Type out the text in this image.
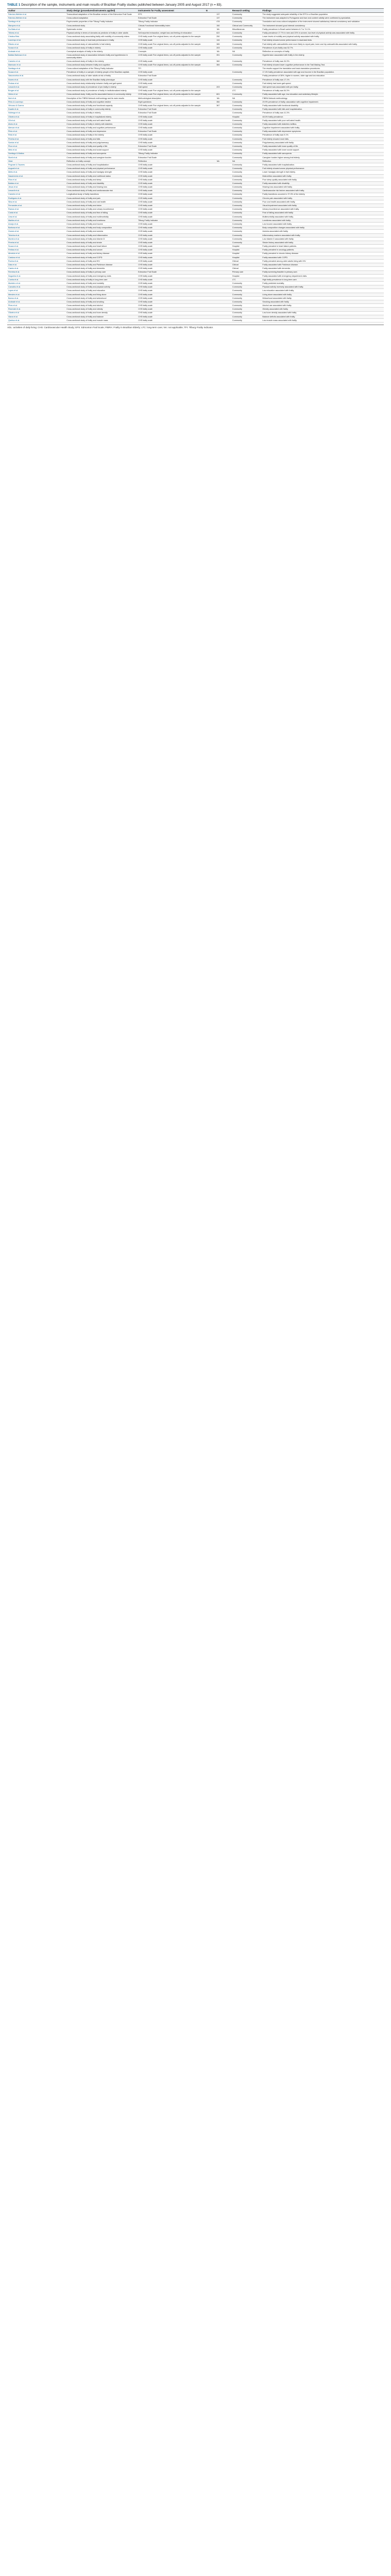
TABLE 1 Description of the sample, instruments and main results of Brazilian Frailty studies published between January 2005 and August 2017 (n = 83).

Author	Study design (procedures/instruments applied)	Instruments for Frailty assessment	N	Research setting	Findings
Fabrício-Wehbe et al.	Transcultural adaptation of the Brazilian version of the Edmonton Frail Scale	EFS	137	Community	The study suggested adequate reliability of the EFS in a Brazilian population.
Fabrício-Wehbe et al.	Cross-cultural adaptation	Edmonton Frail Scale	137	Community	The instrument was adapted to Portuguese and face and content validity were confirmed by specialists.
Santiago et al.	Psychometric properties of the Tilburg Frailty Indicator	Tilburg Frailty Indicator	478	Community	Translation and cross-cultural adaptation of the instrument showed satisfactory internal consistency and validation.
Marques et al.	Cross-sectional study	Clinical-Functional Vulnerability Index	150	Clinical and Community	The instrument showed good internal consistency.
Da Mata et al.	Systematic review	NA	NA	Miscellaneous	Frailty prevalence in Brazil varied between 6.7 to 74.1%.
Tribess et al.	Physical activity in terms of domains as predictor of frailty in older adults	Self-reported exhaustion, weight loss and feeling of exhaustion	622	Community	Frailty prevalence 17.7% in men and 20% in women; low level of physical activity was associated with frailty.
Cristina Reis	Cross-sectional study associating frailty with mobility of community elders	CHS frailty scale Five original items; cut-off points adjusted to the sample	250	Community	Lower levels of mobility and physical activity associated with frailty.
Lourenço et al.	Cross-sectional study of dual task performance in frailty	CHS frailty scale	144	Community	Frail elderly showed worse performance in dual-task tests.
Ribeiro et al.	Cross-sectional study of osteoarthritis in frail elderly	CHS frailty scale Five original items; cut-off points adjusted to the sample	385	Community	Frail elderly with osteoarthritis were more likely to report pain; knee and hip osteoarthritis associated with frailty.
Sousa et al.	Cross-sectional study of frailty in elderly	CHS frailty scale	203	Community	Prevalence of pre-frailty was 52.7%.
Andrade et al.	Conceptual analysis of frailty in the elderly	Concepts	NA	NA	Reflection on concepts of frailty.
Batista Barbosa et al.	Cross-sectional study of association between frailty and hypertension in community elders	CHS frailty scale Five original items; cut-off points adjusted to the sample	391	Community	Hypertension associated with frailty in the elderly.
Carneiro et al.	Cross-sectional study of frailty in the elderly	CHS frailty scale	360	Community	Prevalence of frailty was 34.3%.
Mamcarz et al.	Cross-sectional study between frailty and cognition	CHS frailty scale Five original items; cut-off points adjusted to the sample	384	Community	Frail elderly showed lower cognitive performance in the Trail Making Test.
Santiago et al.	Cross-cultural adaptation of the Tilburg Frailty Indicator	TFI			The results support the translation and back-translation procedures.
Sousa et al.	Prevalence of frailty in a sample of elderly people of the Brazilian capitals	CHS frailty scale		Community	17.4% frailty prevalence associated with age and income in the Brazilian population.
Vasconcelos et al.	Cross-sectional study of older adults at risk of frailty	Edmonton Frail Scale			Frailty prevalence of 38%; higher in women, older age and low education.
Nunes et al.	Cross-sectional study with the Brazilian frailty phenotype	CHS frailty scale		Community	Prevalence of frailty was 17.1%.
Pedras et al.	Cross-sectional study relationship between frailty and gait speed	CHS frailty scale		Community	Frail elderly had lower gait speed.
Lenardt et al.	Cross-sectional study of prevalence of pre-frailty in elderly	Gait speed	203	Community	Gait speed was associated with pre-frailty.
Borges et al.	Cross-sectional study of prevalence of frailty in institutionalized elderly	CHS frailty scale Five original items; cut-off points adjusted to the sample		LTC	Prevalence of frailty was 54.3%.
Vieira et al.	Cross-sectional study: frailty and its associated factors in community elderly	CHS frailty scale Five original items; cut-off points adjusted to the sample	601	Community	Frailty associated with age, low education and sedentary lifestyle.
Neri et al.	Description of the FIBRA Network methodology and its main results	Methodological description	NA	NA	FIBRA Network methodology.
Pinto & Lourenço	Cross-sectional study of frailty and cognitive decline	Eight questions	350	Community	29.9% prevalence of frailty; association with cognitive impairment.
Virtuoso & Guerra	Cross-sectional study of frailty and functional capacity	CHS frailty scale Five original items; cut-off points adjusted to the sample	367	Community	Frailty associated with functional disability.
Duarte et al.	Cross-sectional study of frailty in community elderly	Edmonton Frail Scale		Community	Frailty associated with falls and hospitalization.
Nóbrega et al.	Cross-sectional study of frailty in elderly	Edmonton Frail Scale		Community	Prevalence of frailty was 41.3%.
Oliveira et al.	Cross-sectional study of frailty in hospitalized elderly	CHS frailty scale		Hospital	48.0% frailty prevalence.
Gil et al.	Cross-sectional study of frailty and self-rated health	CHS frailty scale		Community	Frailty associated with poor self-rated health.
Alves et al.	Cross-sectional study of frailty in elderly with diabetes	CHS frailty scale		Community	Frailty associated with diabetes mellitus.
Alencar et al.	Cross-sectional study of frailty and cognitive performance	CHS frailty scale		Community	Cognitive impairment associated with frailty.
Pinto et al.	Cross-sectional study of frailty and depression	Edmonton Frail Scale		Community	Frailty associated with depressive symptoms.
Reis et al.	Cross-sectional study of frailty in the elderly	CHS frailty scale		Community	Prevalence of frailty was 9.1%.
Pereira et al.	Cross-sectional study of frailty and falls	CHS frailty scale		Community	Frail elderly showed more falls.
Santos et al.	Cross-sectional study of frailty and polypharmacy	CHS frailty scale		Community	Polypharmacy associated with frailty.
Fhon et al.	Cross-sectional study of frailty and quality of life	Edmonton Frail Scale		Community	Frailty associated with lower quality of life.
Melo et al.	Cross-sectional study of frailty and social support	CHS frailty scale		Community	Frailty associated with lower social support.
Santiago & Mattos	Cross-sectional study of frailty and sarcopenia	Tilburg Frailty Indicator		Community	Frailty associated with sarcopenia.
Storti et al.	Cross-sectional study of frailty and caregiver burden	Edmonton Frail Scale		Community	Caregiver burden higher among frail elderly.
Vidal	Reflection on frailty concept	Reflection	NA	NA	Reflection.
Pegorari & Tavares	Cross-sectional study of frailty and hospitalization	CHS frailty scale		Community	Frailty associated with hospitalization.
Augusti et al.	Cross-sectional study of frailty and physical performance	CHS frailty scale		Community	Frail elderly showed worse physical performance.
Mello et al.	Cross-sectional study of frailty and handgrip strength	CHS frailty scale		Community	Lower handgrip strength in frail elderly.
Nascimento et al.	Cross-sectional study of frailty and nutritional status	CHS frailty scale		Community	Malnutrition associated with frailty.
Rios et al.	Cross-sectional study of frailty and sleep	CHS frailty scale		Community	Poor sleep quality associated with frailty.
Batista et al.	Cross-sectional study of frailty and disability	CHS frailty scale		Community	Frailty associated with disability.
Jesus et al.	Cross-sectional study of frailty and hearing loss	CHS frailty scale		Community	Hearing loss associated with frailty.
Lenardt et al.	Cross-sectional study of frailty and cardiovascular risk	CHS frailty scale		Community	Cardiovascular risk factors associated with frailty.
Carneiro et al.	Longitudinal study of frailty transitions	CHS frailty scale		Community	Frailty transitions occurred in 37.0% of the elderly.
Rodrigues et al.	Cross-sectional study of frailty and pain	CHS frailty scale		Community	Chronic pain associated with frailty.
Silva et al.	Cross-sectional study of frailty and oral health	CHS frailty scale		Community	Poor oral health associated with frailty.
Fernandes et al.	Cross-sectional study of frailty and vision	CHS frailty scale		Community	Visual impairment associated with frailty.
Ramos et al.	Cross-sectional study of frailty and urinary incontinence	CHS frailty scale		Community	Urinary incontinence associated with frailty.
Costa et al.	Cross-sectional study of frailty and fear of falling	CHS frailty scale		Community	Fear of falling associated with frailty.
Lima et al.	Cross-sectional study of frailty and multimorbidity	CHS frailty scale		Community	Multimorbidity associated with frailty.
Martins et al.	Cross-sectional study of frailty and loneliness	Tilburg Frailty Indicator		Community	Loneliness associated with frailty.
Araújo et al.	Cross-sectional study of frailty and income	CHS frailty scale		Community	Low income associated with frailty.
Barbosa et al.	Cross-sectional study of frailty and body composition	CHS frailty scale		Community	Body composition changes associated with frailty.
Gomes et al.	Cross-sectional study of frailty and anemia	CHS frailty scale		Community	Anemia associated with frailty.
Teixeira et al.	Cross-sectional study of frailty and inflammation	CHS frailty scale		Community	Inflammatory markers associated with frailty.
Moreira et al.	Cross-sectional study of frailty and vitamin D	CHS frailty scale		Community	Low vitamin D associated with frailty.
Pereira et al.	Cross-sectional study of frailty and stroke	CHS frailty scale		Community	Stroke history associated with frailty.
Souza et al.	Cross-sectional study of frailty and heart failure	CHS frailty scale		Hospital	Frailty prevalent in heart failure patients.
Freitas et al.	Cross-sectional study of frailty and cancer	CHS frailty scale		Hospital	Frailty prevalent in oncology patients.
Almeida et al.	Cross-sectional study of frailty and kidney disease	CHS frailty scale		Hospital	Frailty prevalent in chronic kidney disease.
Cardoso et al.	Cross-sectional study of frailty and COPD	CHS frailty scale		Hospital	Frailty associated with COPD.
Rocha et al.	Cross-sectional study of frailty and HIV	CHS frailty scale		Clinical	Frailty prevalent among older adults living with HIV.
Dias et al.	Cross-sectional study of frailty and Parkinson disease	CHS frailty scale		Clinical	Frailty associated with Parkinson disease.
Castro et al.	Cross-sectional study of frailty and dementia	CHS frailty scale		Clinical	Frailty associated with dementia.
Ferreira et al.	Cross-sectional study of frailty in primary care	Edmonton Frail Scale		Primary care	Frailty screening feasible in primary care.
Nogueira et al.	Cross-sectional study of frailty and emergency visits	CHS frailty scale		Hospital	Frailty associated with emergency department visits.
Cunha et al.	Cross-sectional study of frailty in long-term care	CHS frailty scale		LTC	High frailty prevalence in long-term care.
Monteiro et al.	Cross-sectional study of frailty and mortality	CHS frailty scale		Community	Frailty predicted mortality.
Carvalho et al.	Cross-sectional study of frailty and physical activity	CHS frailty scale		Community	Physical activity inversely associated with frailty.
Lopes et al.	Cross-sectional study of frailty and education	CHS frailty scale		Community	Low education associated with frailty.
Mendes et al.	Cross-sectional study of frailty and living alone	CHS frailty scale		Community	Living alone associated with frailty.
Barros et al.	Cross-sectional study of frailty and widowhood	CHS frailty scale		Community	Widowhood associated with frailty.
Andrade et al.	Cross-sectional study of frailty and smoking	CHS frailty scale		Community	Smoking associated with frailty.
Pires et al.	Cross-sectional study of frailty and alcohol	CHS frailty scale		Community	Alcohol use associated with frailty.
Rezende et al.	Cross-sectional study of frailty and obesity	CHS frailty scale		Community	Obesity associated with frailty.
Oliveira et al.	Cross-sectional study of frailty and bone density	CHS frailty scale		Community	Low bone density associated with frailty.
Viana et al.	Cross-sectional study of frailty and balance	CHS frailty scale		Community	Balance deficits associated with frailty.
Queiroz et al.	Cross-sectional study of frailty and muscle mass	CHS frailty scale		Community	Low muscle mass associated with frailty.

ADL: activities of daily living; CHS: Cardiovascular Health Study; EFS: Edmonton Frail Scale; FIBRA: Frailty in Brazilian Elderly; LTC: long-term care; NA: not applicable; TFI: Tilburg Frailty Indicator.
